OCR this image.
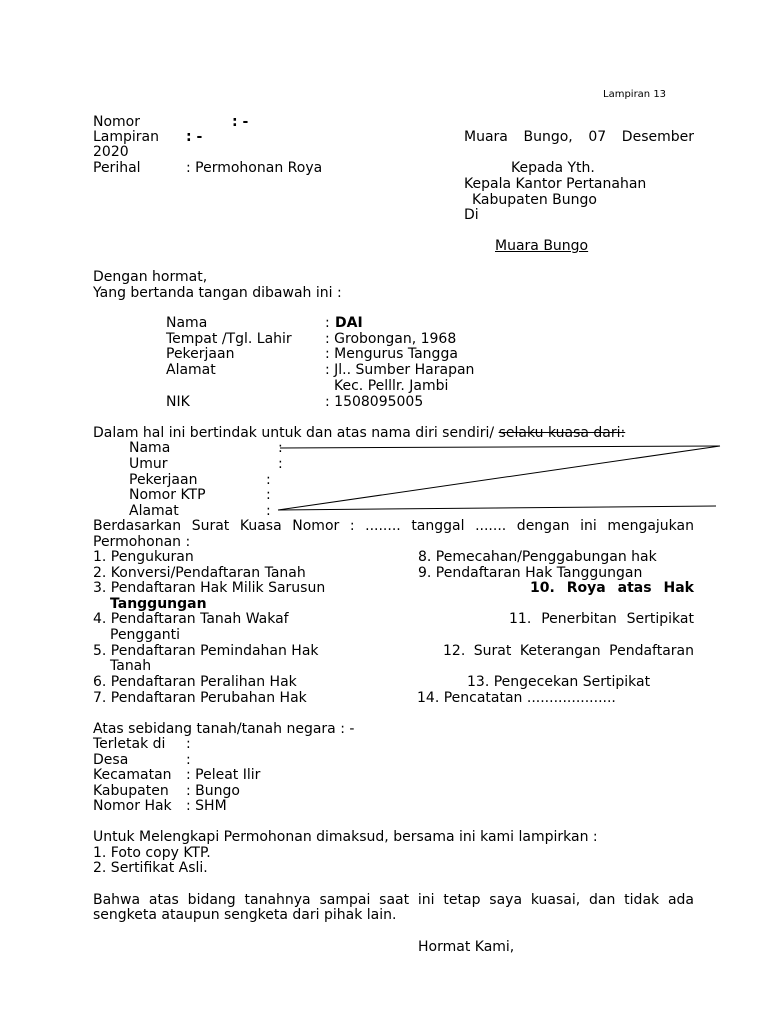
Lampiran 13
Nomor	: -
Lampiran : -
2020
Perihal	: Permohonan Roya
Muara Bungo, 07 Desember
Kepada Yth.
Kepala Kantor Pertanahan
Kabupaten Bungo
Di
Muara Bungo
Dengan hormat,
Yang bertanda tangan dibawah ini :
Nama	: DAI
Tempat /Tgl. Lahir : Grobongan, 1968
Pekerjaan	: Mengurus Tangga
Alamat	: Jl.. Sumber Harapan
Kec. Pelllr. Jambi
NIK	: 1508095005
Dalam hal ini bertindak untuk dan atas nama diri sendiri/ selaku kuasa dari:
Nama	:
Umur	:
Pekerjaan	:
Nomor KTP	:
Alamat	:
Berdasarkan Surat Kuasa Nomor : ........ tanggal ....... dengan ini mengajukan
Permohonan :
1. Pengukuran
2. Konversi/Pendaftaran Tanah
3. Pendaftaran Hak Milik Sarusun
Tanggungan
4. Pendaftaran Tanah Wakaf
Pengganti
5. Pendaftaran Pemindahan Hak
Tanah
6. Pendaftaran Peralihan Hak
7. Pendaftaran Perubahan Hak
8. Pemecahan/Penggabungan hak
9. Pendaftaran Hak Tanggungan
10. Roya atas Hak
11. Penerbitan Sertipikat
12. Surat Keterangan Pendaftaran
13. Pengecekan Sertipikat
14. Pencatatan ....................
Atas sebidang tanah/tanah negara : -
Terletak di :
Desa	:
Kecamatan : Peleat Ilir
Kabupaten : Bungo
Nomor Hak : SHM
Untuk Melengkapi Permohonan dimaksud, bersama ini kami lampirkan :
1. Foto copy KTP.
2. Sertifikat Asli.
Bahwa atas bidang tanahnya sampai saat ini tetap saya kuasai, dan tidak ada
sengketa ataupun sengketa dari pihak lain.
Hormat Kami,
